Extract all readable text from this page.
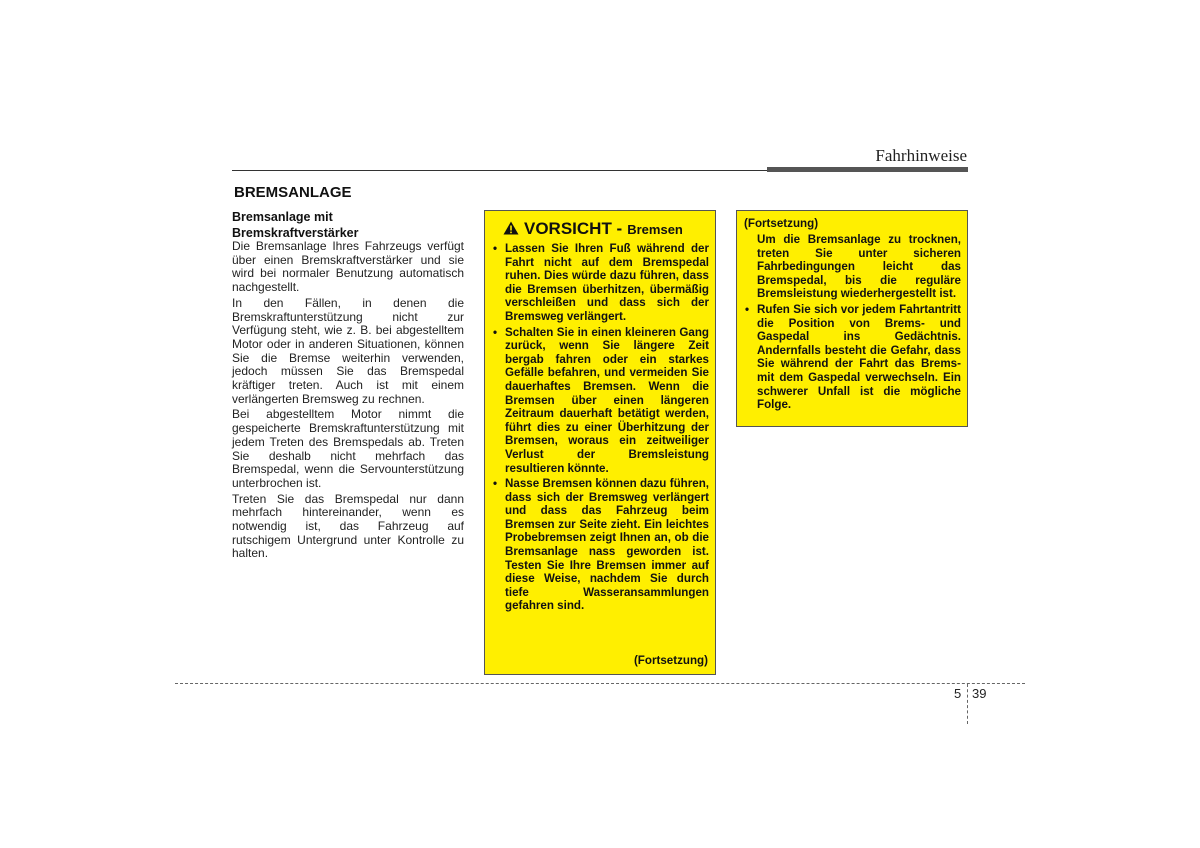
Fahrhinweise
BREMSANLAGE
Bremsanlage mit Bremskraftverstärker

Die Bremsanlage Ihres Fahrzeugs verfügt über einen Bremskraftverstärker und sie wird bei normaler Benutzung automatisch nachgestellt.

In den Fällen, in denen die Bremskraftunterstützung nicht zur Verfügung steht, wie z. B. bei abgestelltem Motor oder in anderen Situationen, können Sie die Bremse weiterhin verwenden, jedoch müssen Sie das Bremspedal kräftiger treten. Auch ist mit einem verlängerten Bremsweg zu rechnen.

Bei abgestelltem Motor nimmt die gespeicherte Bremskraftunterstützung mit jedem Treten des Bremspedals ab. Treten Sie deshalb nicht mehrfach das Bremspedal, wenn die Servounterstützung unterbrochen ist.

Treten Sie das Bremspedal nur dann mehrfach hintereinander, wenn es notwendig ist, das Fahrzeug auf rutschigem Untergrund unter Kontrolle zu halten.

VORSICHT - Bremsen
• Lassen Sie Ihren Fuß während der Fahrt nicht auf dem Bremspedal ruhen. Dies würde dazu führen, dass die Bremsen überhitzen, übermäßig verschleißen und dass sich der Bremsweg verlängert.
• Schalten Sie in einen kleineren Gang zurück, wenn Sie längere Zeit bergab fahren oder ein starkes Gefälle befahren, und vermeiden Sie dauerhaftes Bremsen. Wenn die Bremsen über einen längeren Zeitraum dauerhaft betätigt werden, führt dies zu einer Überhitzung der Bremsen, woraus ein zeitweiliger Verlust der Bremsleistung resultieren könnte.
• Nasse Bremsen können dazu führen, dass sich der Bremsweg verlängert und dass das Fahrzeug beim Bremsen zur Seite zieht. Ein leichtes Probebremsen zeigt Ihnen an, ob die Bremsanlage nass geworden ist. Testen Sie Ihre Bremsen immer auf diese Weise, nachdem Sie durch tiefe Wasseransammlungen gefahren sind.
(Fortsetzung)
(Fortsetzung)
Um die Bremsanlage zu trocknen, treten Sie unter sicheren Fahrbedingungen leicht das Bremspedal, bis die reguläre Bremsleistung wiederhergestellt ist.
• Rufen Sie sich vor jedem Fahrtantritt die Position von Brems- und Gaspedal ins Gedächtnis. Andernfalls besteht die Gefahr, dass Sie während der Fahrt das Brems- mit dem Gaspedal verwechseln. Ein schwerer Unfall ist die mögliche Folge.
5 39
